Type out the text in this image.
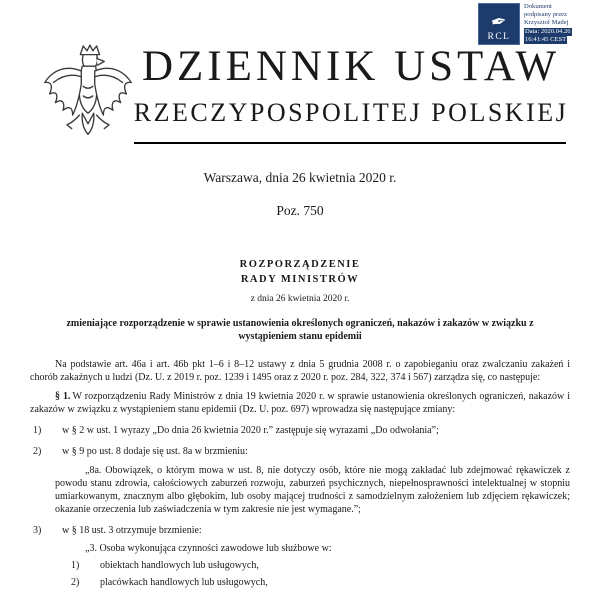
✒
RCL
Dokument
podpisany przez
Krzysztof Madej
Data: 2020.04.26
16:41:45 CEST
DZIENNIK USTAW
RZECZYPOSPOLITEJ POLSKIEJ
Warszawa, dnia 26 kwietnia 2020 r.
Poz. 750
ROZPORZĄDZENIE
RADY MINISTRÓW
z dnia 26 kwietnia 2020 r.
zmieniające rozporządzenie w sprawie ustanowienia określonych ograniczeń, nakazów i zakazów w związku z wystąpieniem stanu epidemii

Na podstawie art. 46a i art. 46b pkt 1–6 i 8–12 ustawy z dnia 5 grudnia 2008 r. o zapobieganiu oraz zwalczaniu zakażeń i chorób zakaźnych u ludzi (Dz. U. z 2019 r. poz. 1239 i 1495 oraz z 2020 r. poz. 284, 322, 374 i 567) zarządza się, co następuje:

§ 1. W rozporządzeniu Rady Ministrów z dnia 19 kwietnia 2020 r. w sprawie ustanowienia określonych ograniczeń, nakazów i zakazów w związku z wystąpieniem stanu epidemii (Dz. U. poz. 697) wprowadza się następujące zmiany:

1) w § 2 w ust. 1 wyrazy „Do dnia 26 kwietnia 2020 r.” zastępuje się wyrazami „Do odwołania”;
2) w § 9 po ust. 8 dodaje się ust. 8a w brzmieniu:

„8a. Obowiązek, o którym mowa w ust. 8, nie dotyczy osób, które nie mogą zakładać lub zdejmować rękawiczek z powodu stanu zdrowia, całościowych zaburzeń rozwoju, zaburzeń psychicznych, niepełnosprawności intelektualnej w stopniu umiarkowanym, znacznym albo głębokim, lub osoby mającej trudności z samodzielnym założeniem lub zdjęciem rękawiczek; okazanie orzeczenia lub zaświadczenia w tym zakresie nie jest wymagane.”;

3) w § 18 ust. 3 otrzymuje brzmienie:

„3. Osoba wykonująca czynności zawodowe lub służbowe w:

1) obiektach handlowych lub usługowych,
2) placówkach handlowych lub usługowych,
